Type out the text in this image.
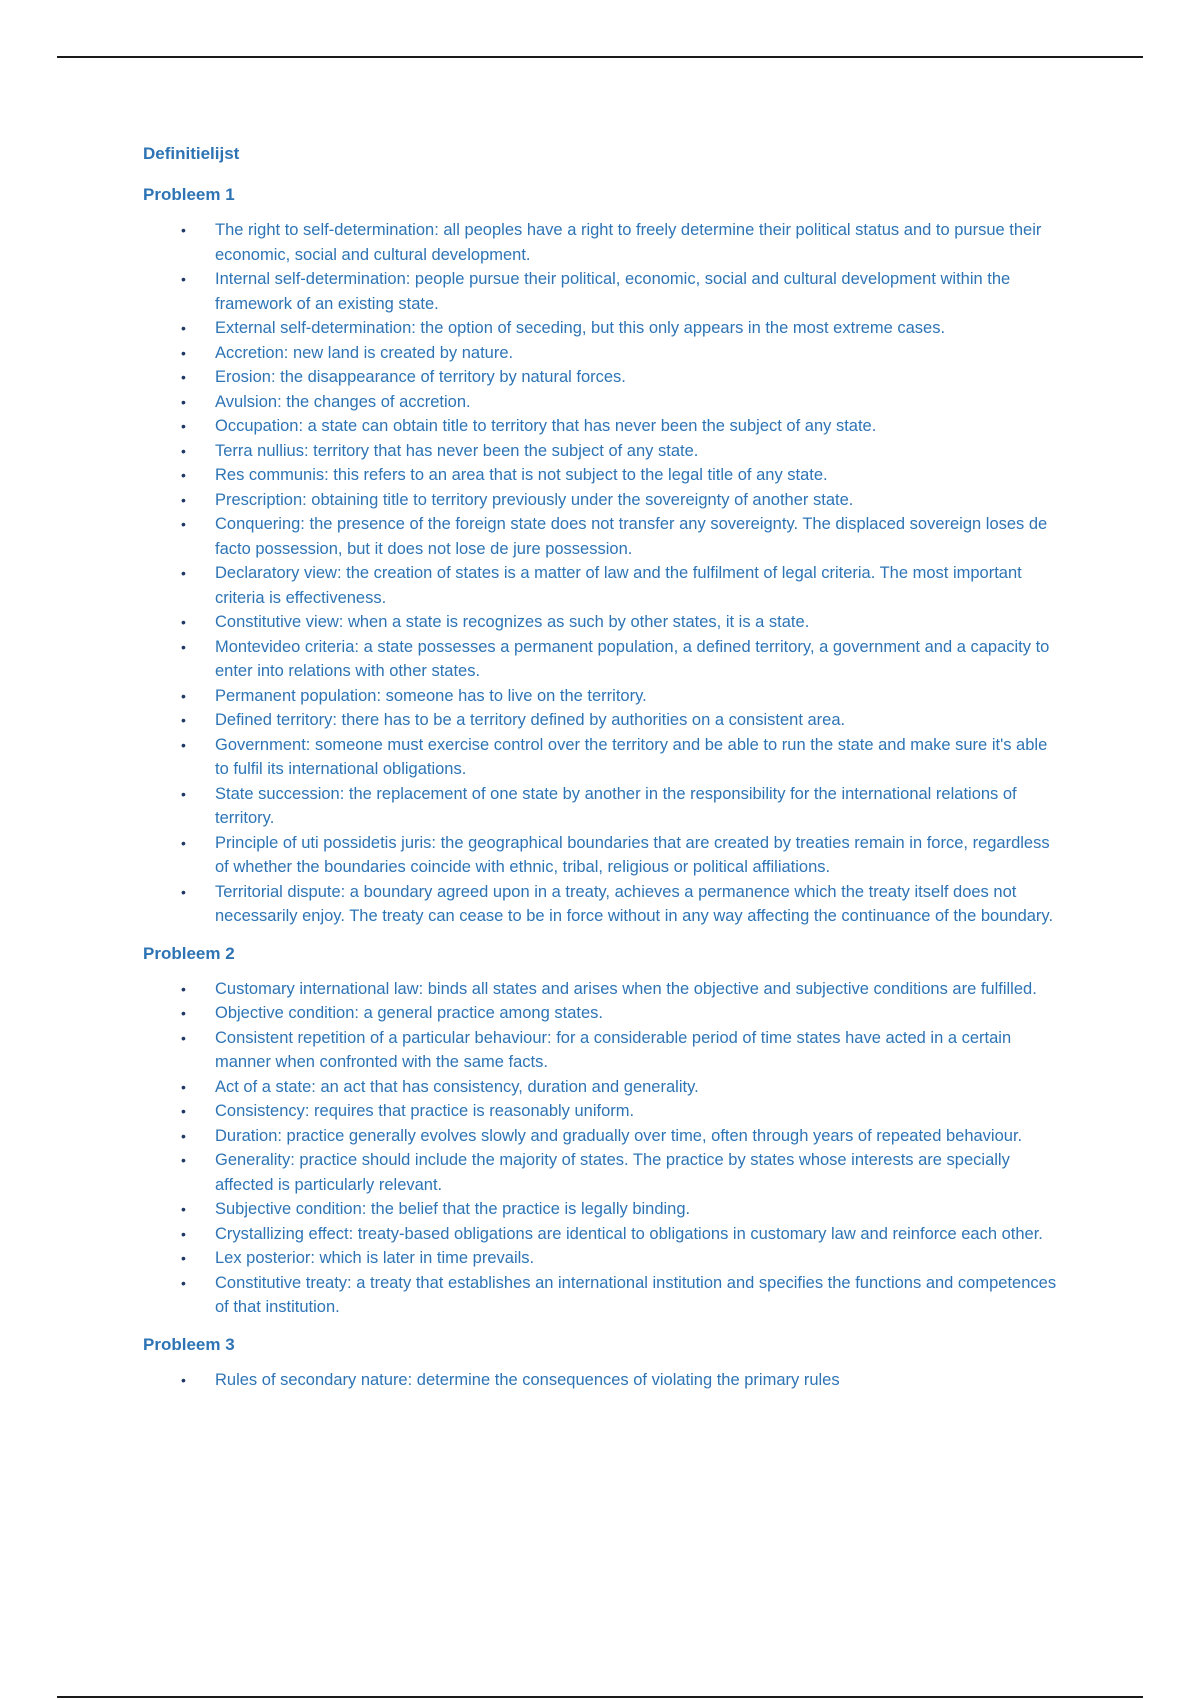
Definitielijst
Probleem 1
• The right to self-determination: all peoples have a right to freely determine their political status and to pursue their economic, social and cultural development.
• Internal self-determination: people pursue their political, economic, social and cultural development within the framework of an existing state.
• External self-determination: the option of seceding, but this only appears in the most extreme cases.
• Accretion: new land is created by nature.
• Erosion: the disappearance of territory by natural forces.
• Avulsion: the changes of accretion.
• Occupation: a state can obtain title to territory that has never been the subject of any state.
• Terra nullius: territory that has never been the subject of any state.
• Res communis: this refers to an area that is not subject to the legal title of any state.
• Prescription: obtaining title to territory previously under the sovereignty of another state.
• Conquering: the presence of the foreign state does not transfer any sovereignty. The displaced sovereign loses de facto possession, but it does not lose de jure possession.
• Declaratory view: the creation of states is a matter of law and the fulfilment of legal criteria. The most important criteria is effectiveness.
• Constitutive view: when a state is recognizes as such by other states, it is a state.
• Montevideo criteria: a state possesses a permanent population, a defined territory, a government and a capacity to enter into relations with other states.
• Permanent population: someone has to live on the territory.
• Defined territory: there has to be a territory defined by authorities on a consistent area.
• Government: someone must exercise control over the territory and be able to run the state and make sure it's able to fulfil its international obligations.
• State succession: the replacement of one state by another in the responsibility for the international relations of territory.
• Principle of uti possidetis juris: the geographical boundaries that are created by treaties remain in force, regardless of whether the boundaries coincide with ethnic, tribal, religious or political affiliations.
• Territorial dispute: a boundary agreed upon in a treaty, achieves a permanence which the treaty itself does not necessarily enjoy. The treaty can cease to be in force without in any way affecting the continuance of the boundary.
Probleem 2
• Customary international law: binds all states and arises when the objective and subjective conditions are fulfilled.
• Objective condition: a general practice among states.
• Consistent repetition of a particular behaviour: for a considerable period of time states have acted in a certain manner when confronted with the same facts.
• Act of a state: an act that has consistency, duration and generality.
• Consistency: requires that practice is reasonably uniform.
• Duration: practice generally evolves slowly and gradually over time, often through years of repeated behaviour.
• Generality: practice should include the majority of states. The practice by states whose interests are specially affected is particularly relevant.
• Subjective condition: the belief that the practice is legally binding.
• Crystallizing effect: treaty-based obligations are identical to obligations in customary law and reinforce each other.
• Lex posterior: which is later in time prevails.
• Constitutive treaty: a treaty that establishes an international institution and specifies the functions and competences of that institution.
Probleem 3
• Rules of secondary nature: determine the consequences of violating the primary rules
